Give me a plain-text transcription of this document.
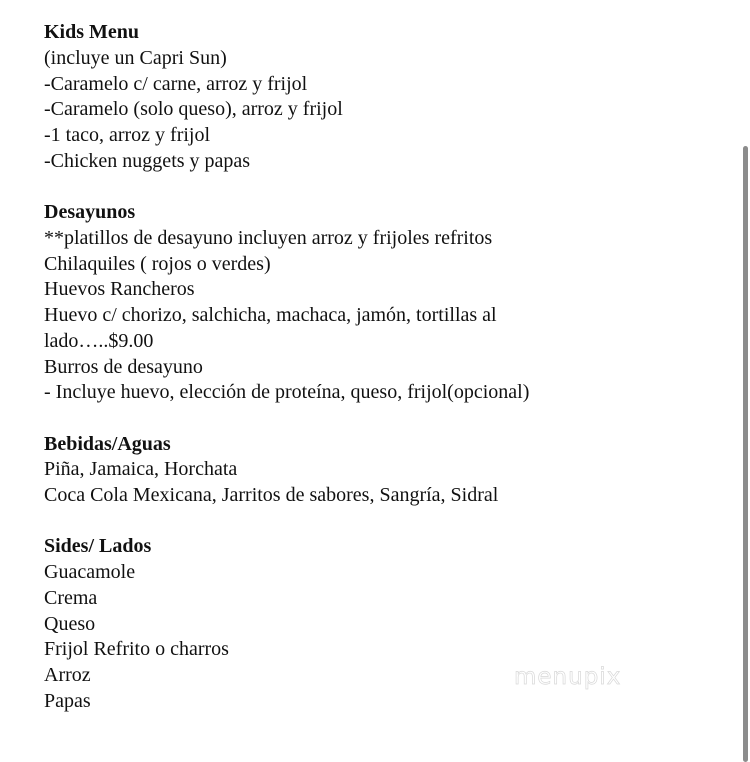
Kids Menu
(incluye un Capri Sun)
-Caramelo c/ carne, arroz y frijol
-Caramelo (solo queso), arroz y frijol
-1 taco, arroz y frijol
-Chicken nuggets y papas
Desayunos
**platillos de desayuno incluyen arroz y frijoles refritos
Chilaquiles ( rojos o verdes)
Huevos Rancheros
Huevo c/ chorizo, salchicha, machaca, jamón, tortillas al
lado…..$9.00
Burros de desayuno
- Incluye huevo, elección de proteína, queso, frijol(opcional)
Bebidas/Aguas
Piña, Jamaica, Horchata
Coca Cola Mexicana, Jarritos de sabores, Sangría, Sidral
Sides/ Lados
Guacamole
Crema
Queso
Frijol Refrito o charros
Arroz
Papas
menupix
